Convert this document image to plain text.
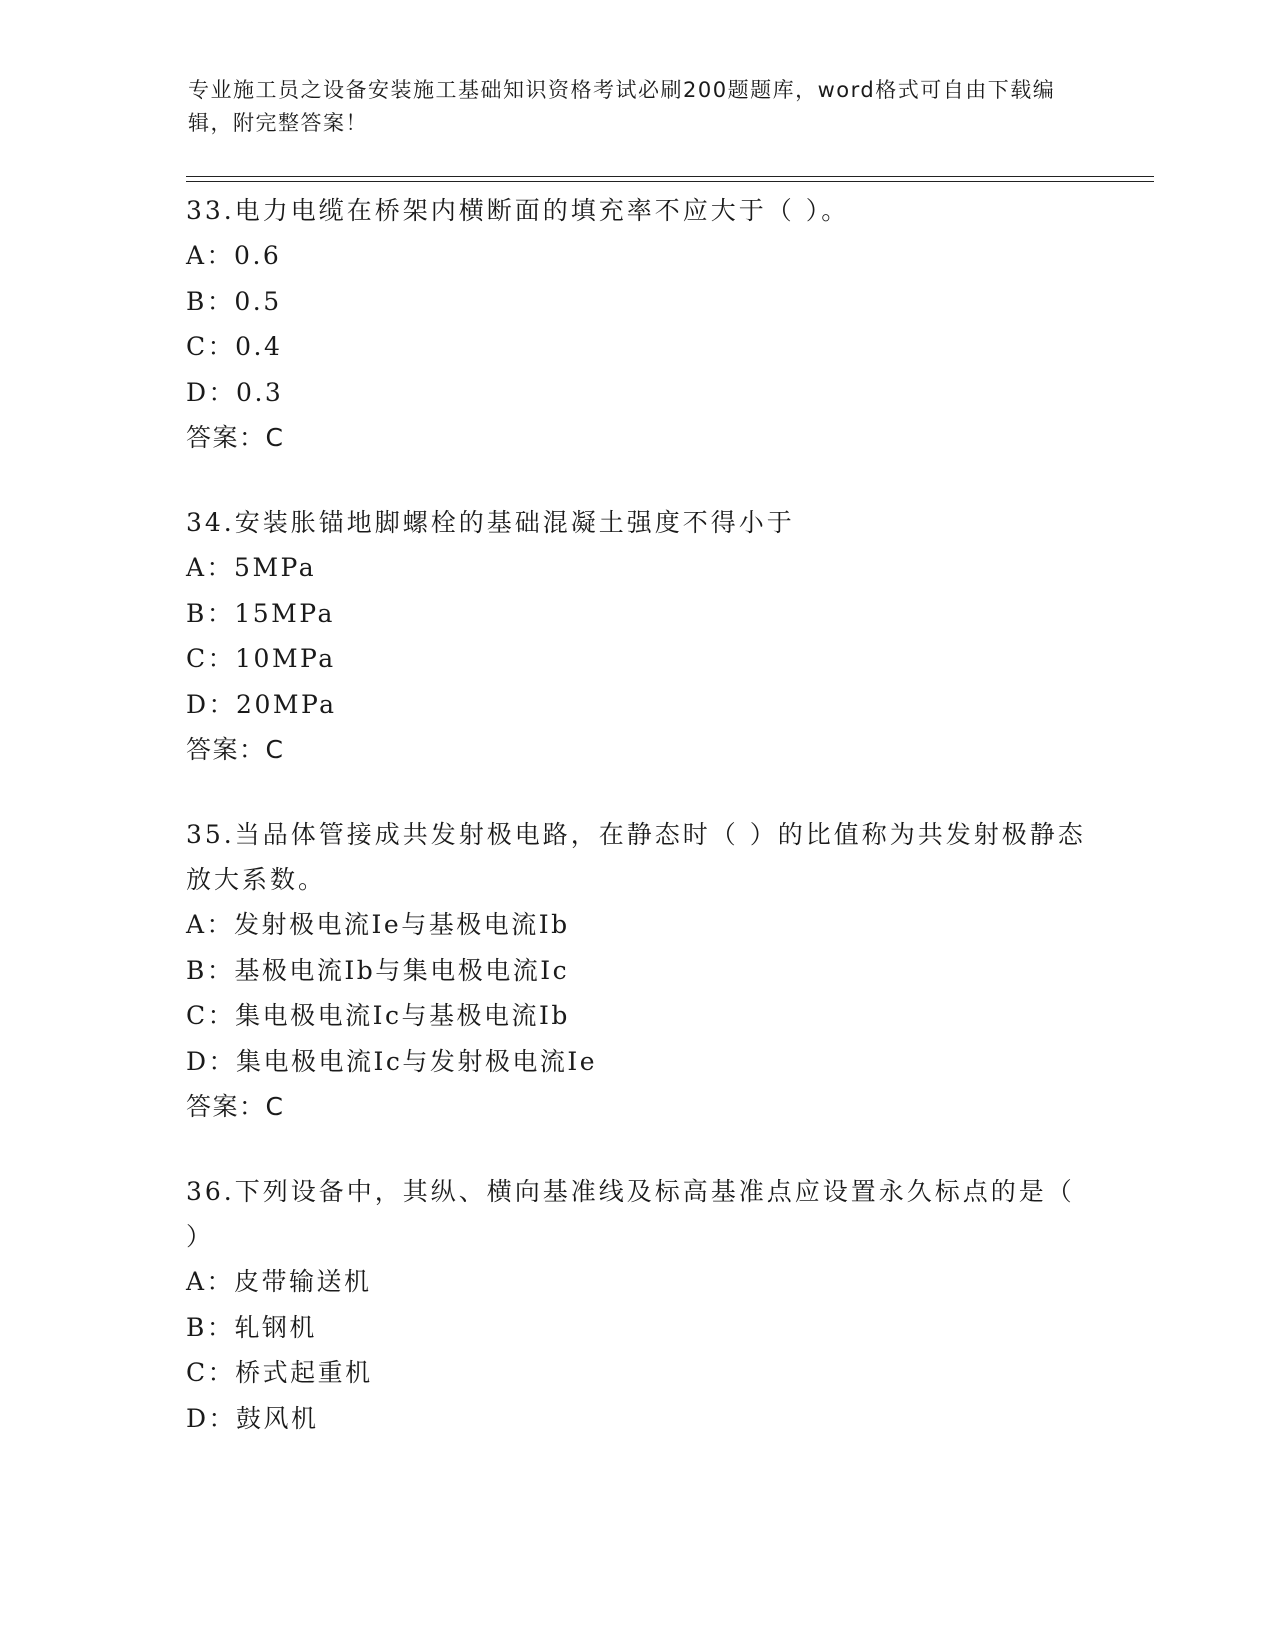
专业施工员之设备安装施工基础知识资格考试必刷200题题库，word格式可自由下载编辑，附完整答案！

33.电力电缆在桥架内横断面的填充率不应大于（ ）。

A：0.6

B：0.5

C：0.4

D：0.3

答案：C

34.安装胀锚地脚螺栓的基础混凝土强度不得小于

A：5MPa

B：15MPa

C：10MPa

D：20MPa

答案：C

35.当品体管接成共发射极电路，在静态时（ ）的比值称为共发射极静态放大系数。

A：发射极电流Ie与基极电流Ib

B：基极电流Ib与集电极电流Ic

C：集电极电流Ic与基极电流Ib

D：集电极电流Ic与发射极电流Ie

答案：C

36.下列设备中，其纵、横向基准线及标高基准点应设置永久标点的是（ ）

A：皮带输送机

B：轧钢机

C：桥式起重机

D：鼓风机
